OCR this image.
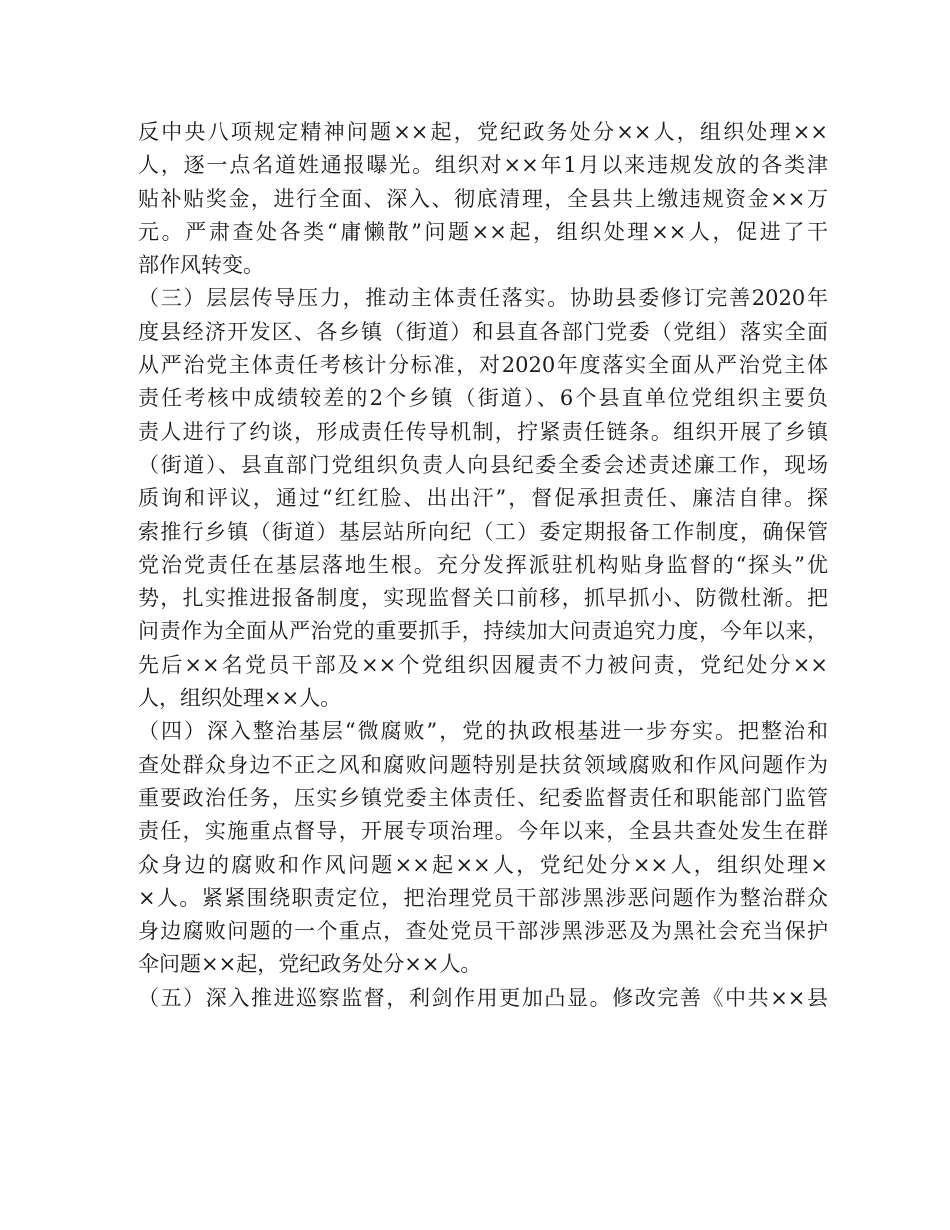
反中央八项规定精神问题××起，党纪政务处分××人，组织处理××
人，逐一点名道姓通报曝光。组织对××年1月以来违规发放的各类津
贴补贴奖金，进行全面、深入、彻底清理，全县共上缴违规资金××万
元。严肃查处各类“庸懒散”问题××起，组织处理××人，促进了干
部作风转变。
（三）层层传导压力，推动主体责任落实。协助县委修订完善2020年
度县经济开发区、各乡镇（街道）和县直各部门党委（党组）落实全面
从严治党主体责任考核计分标准，对2020年度落实全面从严治党主体
责任考核中成绩较差的2个乡镇（街道）、6个县直单位党组织主要负
责人进行了约谈，形成责任传导机制，拧紧责任链条。组织开展了乡镇
（街道）、县直部门党组织负责人向县纪委全委会述责述廉工作，现场
质询和评议，通过“红红脸、出出汗”，督促承担责任、廉洁自律。探
索推行乡镇（街道）基层站所向纪（工）委定期报备工作制度，确保管
党治党责任在基层落地生根。充分发挥派驻机构贴身监督的“探头”优
势，扎实推进报备制度，实现监督关口前移，抓早抓小、防微杜渐。把
问责作为全面从严治党的重要抓手，持续加大问责追究力度，今年以来，
先后××名党员干部及××个党组织因履责不力被问责，党纪处分××
人，组织处理××人。
（四）深入整治基层“微腐败”，党的执政根基进一步夯实。把整治和
查处群众身边不正之风和腐败问题特别是扶贫领域腐败和作风问题作为
重要政治任务，压实乡镇党委主体责任、纪委监督责任和职能部门监管
责任，实施重点督导，开展专项治理。今年以来，全县共查处发生在群
众身边的腐败和作风问题××起××人，党纪处分××人，组织处理×
×人。紧紧围绕职责定位，把治理党员干部涉黑涉恶问题作为整治群众
身边腐败问题的一个重点，查处党员干部涉黑涉恶及为黑社会充当保护
伞问题××起，党纪政务处分××人。
（五）深入推进巡察监督，利剑作用更加凸显。修改完善《中共××县
